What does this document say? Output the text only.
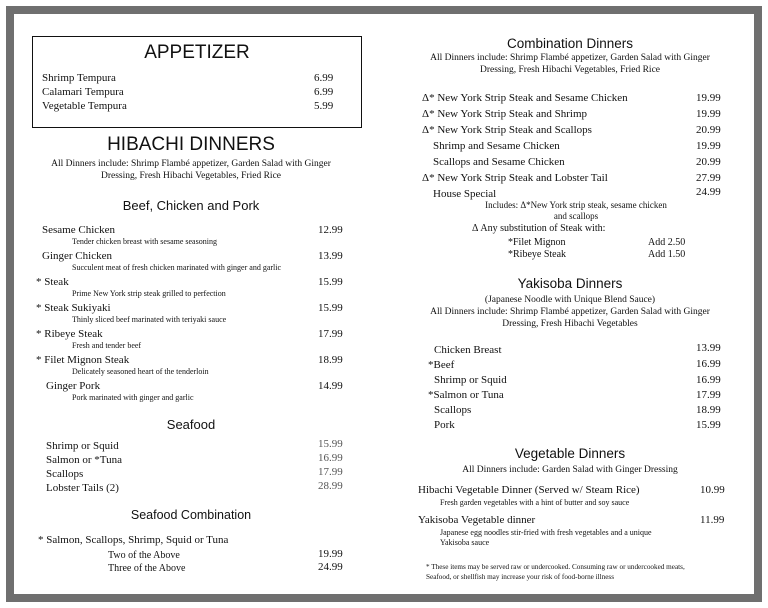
APPETIZER
Shrimp Tempura	6.99
Calamari Tempura	6.99
Vegetable Tempura	5.99
HIBACHI DINNERS
All Dinners include: Shrimp Flambé appetizer, Garden Salad with Ginger
Dressing, Fresh Hibachi Vegetables, Fried Rice
Beef, Chicken and Pork
Sesame Chicken	12.99
Tender chicken breast with sesame seasoning
Ginger Chicken	13.99
Succulent meat of fresh chicken marinated with ginger and garlic
* Steak	15.99
Prime New York strip steak grilled to perfection
* Steak Sukiyaki	15.99
Thinly sliced beef marinated with teriyaki sauce
* Ribeye Steak	17.99
Fresh and tender beef
* Filet Mignon Steak	18.99
Delicately seasoned heart of the tenderloin
Ginger Pork	14.99
Pork marinated with ginger and garlic
Seafood
Shrimp or Squid	15.99
Salmon or *Tuna	16.99
Scallops	17.99
Lobster Tails (2)	28.99
Seafood Combination
* Salmon, Scallops, Shrimp, Squid or Tuna
Two of the Above	19.99
Three of the Above	24.99
Combination Dinners
All Dinners include: Shrimp Flambé appetizer, Garden Salad with Ginger
Dressing, Fresh Hibachi Vegetables, Fried Rice
Δ* New York Strip Steak and Sesame Chicken	19.99
Δ* New York Strip Steak and Shrimp	19.99
Δ* New York Strip Steak and Scallops	20.99
Shrimp and Sesame Chicken	19.99
Scallops and Sesame Chicken	20.99
Δ* New York Strip Steak and Lobster Tail	27.99
House Special	24.99
Includes: Δ*New York strip steak, sesame chicken
and scallops
Δ Any substitution of Steak with:
*Filet Mignon	Add 2.50
*Ribeye Steak	Add 1.50
Yakisoba Dinners
(Japanese Noodle with Unique Blend Sauce)
All Dinners include: Shrimp Flambé appetizer, Garden Salad with Ginger
Dressing, Fresh Hibachi Vegetables
Chicken Breast	13.99
*Beef	16.99
Shrimp or Squid	16.99
*Salmon or Tuna	17.99
Scallops	18.99
Pork	15.99
Vegetable Dinners
All Dinners include: Garden Salad with Ginger Dressing
Hibachi Vegetable Dinner (Served w/ Steam Rice)	10.99
Fresh garden vegetables with a hint of butter and soy sauce
Yakisoba Vegetable dinner	11.99
Japanese egg noodles stir-fried with fresh vegetables and a unique
Yakisoba sauce
* These items may be served raw or undercooked. Consuming raw or undercooked meats,
Seafood, or shellfish may increase your risk of food-borne illness
